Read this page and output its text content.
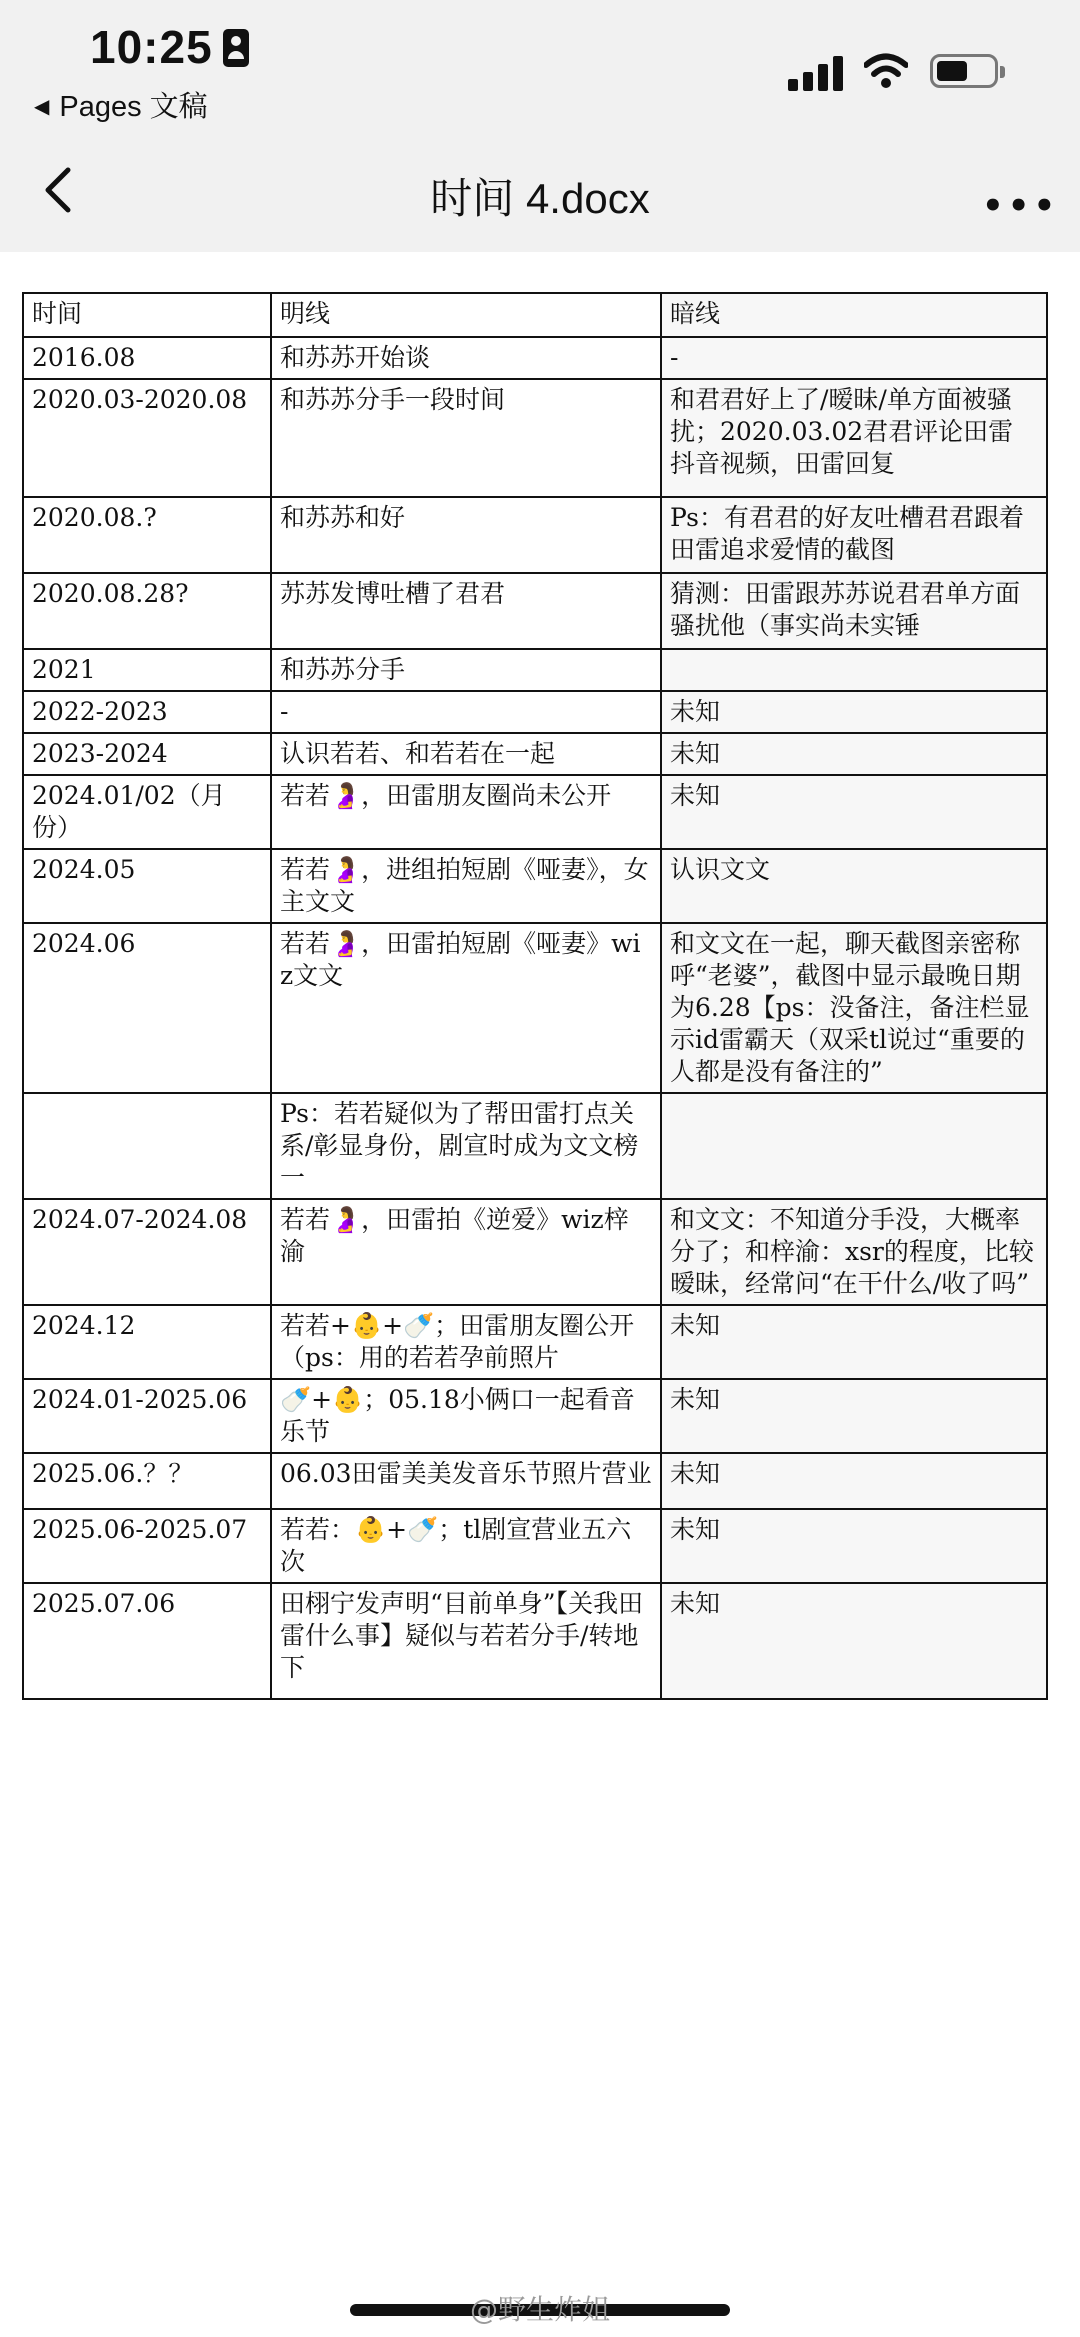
10:25
◀ Pages 文稿
时间 4.docx	•••
时间	明线	暗线
2016.08	和苏苏开始谈	-
2020.03-2020.08	和苏苏分手一段时间	和君君好上了/暧昧/单方面被骚扰；2020.03.02君君评论田雷抖音视频，田雷回复
2020.08.?	和苏苏和好	Ps：有君君的好友吐槽君君跟着田雷追求爱情的截图
2020.08.28?	苏苏发博吐槽了君君	猜测：田雷跟苏苏说君君单方面骚扰他（事实尚未实锤
2021	和苏苏分手	
2022-2023	-	未知
2023-2024	认识若若、和若若在一起	未知
2024.01/02（月份）	若若🤰，田雷朋友圈尚未公开	未知
2024.05	若若🤰，进组拍短剧《哑妻》，女主文文	认识文文
2024.06	若若🤰，田雷拍短剧《哑妻》wiz文文	和文文在一起，聊天截图亲密称呼“老婆”，截图中显示最晚日期为6.28【ps：没备注，备注栏显示id雷霸天（双采tl说过“重要的人都是没有备注的”
	Ps：若若疑似为了帮田雷打点关系/彰显身份，剧宣时成为文文榜一	
2024.07-2024.08	若若🤰，田雷拍《逆爱》wiz梓渝	和文文：不知道分手没，大概率分了；和梓渝：xsr的程度，比较暧昧，经常问“在干什么/收了吗”
2024.12	若若+👶+🍼；田雷朋友圈公开（ps：用的若若孕前照片	未知
2024.01-2025.06	🍼+👶；05.18小俩口一起看音乐节	未知
2025.06.？？	06.03田雷美美发音乐节照片营业	未知
2025.06-2025.07	若若：👶+🍼；tl剧宣营业五六次	未知
2025.07.06	田栩宁发声明“目前单身”【关我田雷什么事】疑似与若若分手/转地下	未知
@野生炸姐
